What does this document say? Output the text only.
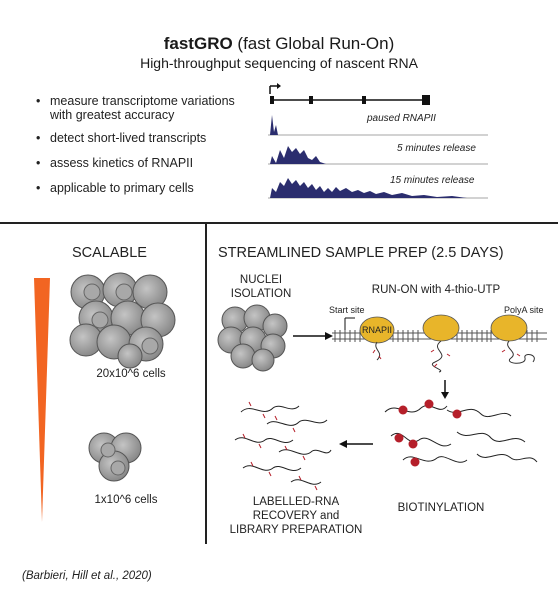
fastGRO (fast Global Run-On)
High-throughput sequencing of nascent RNA
• measure transcriptome variations
with greatest accuracy
• detect short-lived transcripts
• assess kinetics of RNAPII
• applicable to primary cells
paused RNAPII
5 minutes release
15 minutes release
SCALABLE
20x10^6 cells
1x10^6 cells
STREAMLINED SAMPLE PREP (2.5 DAYS)
NUCLEI
ISOLATION	RUN-ON with 4-thio-UTP
Start site	PolyA site
RNAPII
BIOTINYLATION
LABELLED-RNA
RECOVERY and
LIBRARY PREPARATION
(Barbieri, Hill et al., 2020)
